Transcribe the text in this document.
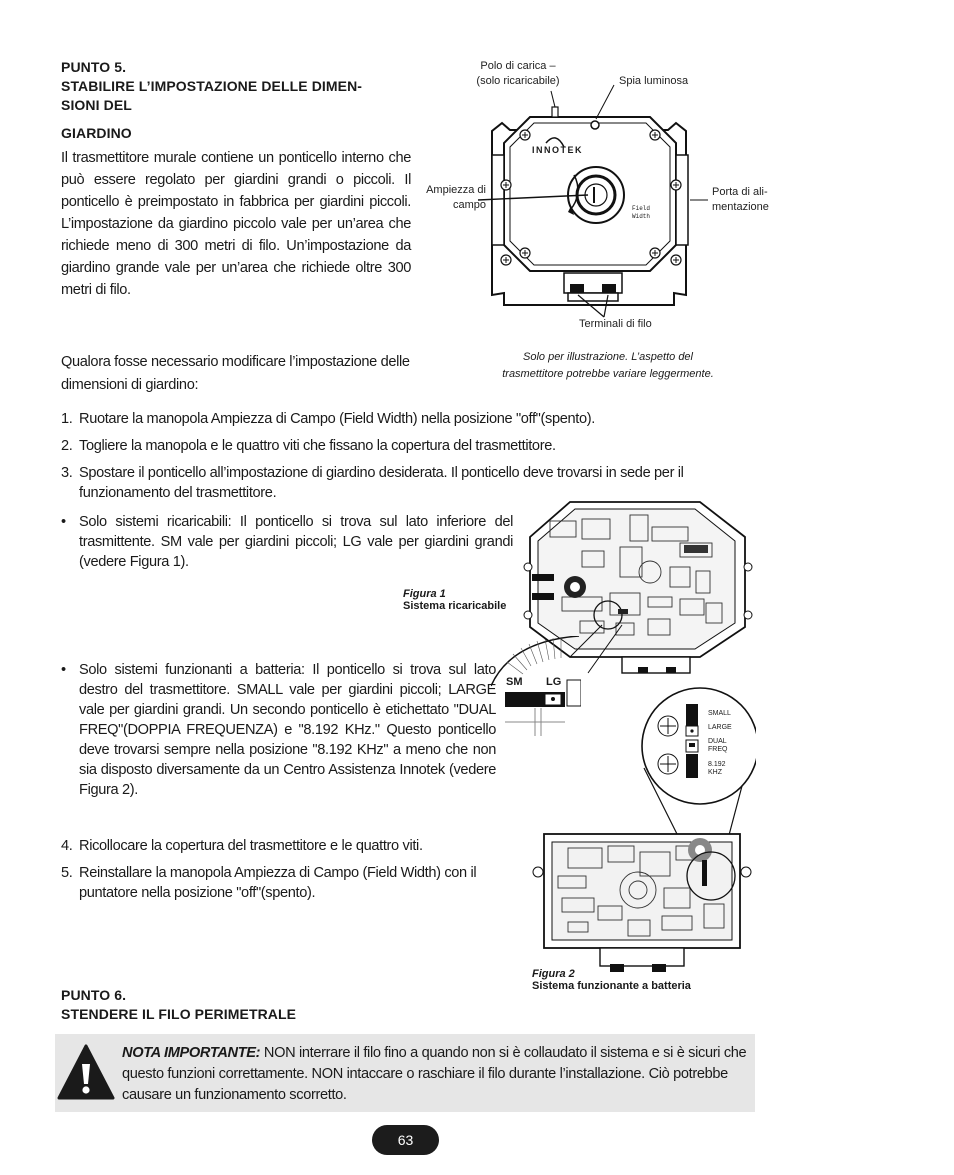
PUNTO 5.
STABILIRE L’IMPOSTAZIONE DELLE DIMEN-
SIONI DEL
GIARDINO
Il trasmettitore murale contiene un ponticello interno che può essere regolato per giardini grandi o piccoli. Il ponticello è preimpostato in fabbrica per giardini piccoli. L’impostazione da giardino piccolo vale per un’area che richiede meno di 300 metri di filo. Un’impostazione da giardino grande vale per un’area che richiede oltre 300 metri di filo.
Qualora fosse necessario modificare l’impostazione delle dimensioni di giardino:
INNOTEK
Field
Width
Polo di carica –
(solo ricaricabile)	Spia luminosa
Ampiezza di
campo
Porta di ali-
mentazione
Terminali di filo
Solo per illustrazione. L’aspetto del
trasmettitore potrebbe variare leggermente.
1. Ruotare la manopola Ampiezza di Campo (Field Width) nella posizione "off"(spento).
2. Togliere la manopola e le quattro viti che fissano la copertura del trasmettitore.
3. Spostare il ponticello all’impostazione di giardino desiderata. Il ponticello deve trovarsi in sede per il funzionamento del trasmettitore.
• Solo sistemi ricaricabili: Il ponticello si trova sul lato inferiore del trasmittente. SM vale per giardini piccoli; LG vale per giardini grandi (vedere Figura 1).
• Solo sistemi funzionanti a batteria: Il ponticello si trova sul lato destro del trasmettitore. SMALL vale per giardini piccoli; LARGE vale per giardini grandi. Un secondo ponticello è etichettato "DUAL FREQ"(DOPPIA FREQUENZA) e "8.192 KHz." Questo ponticello deve trovarsi sempre nella posizione "8.192 KHz" a meno che non sia disposto diversamente da un Centro Assistenza Innotek (vedere Figura 2).
4. Ricollocare la copertura del trasmettitore e le quattro viti.
5. Reinstallare la manopola Ampiezza di Campo (Field Width) con il puntatore nella posizione "off"(spento).
Figura 1
Sistema ricaricabile
SM LG
SMALL
LARGE
DUAL
FREQ
8.192
KHZ
Figura 2
Sistema funzionante a batteria
PUNTO 6.
STENDERE IL FILO PERIMETRALE
NOTA IMPORTANTE: NON interrare il filo fino a quando non si è collaudato il sistema e si è sicuri che questo funzioni correttamente. NON intaccare o raschiare il filo durante l’installazione. Ciò potrebbe causare un funzionamento scorretto.
63
